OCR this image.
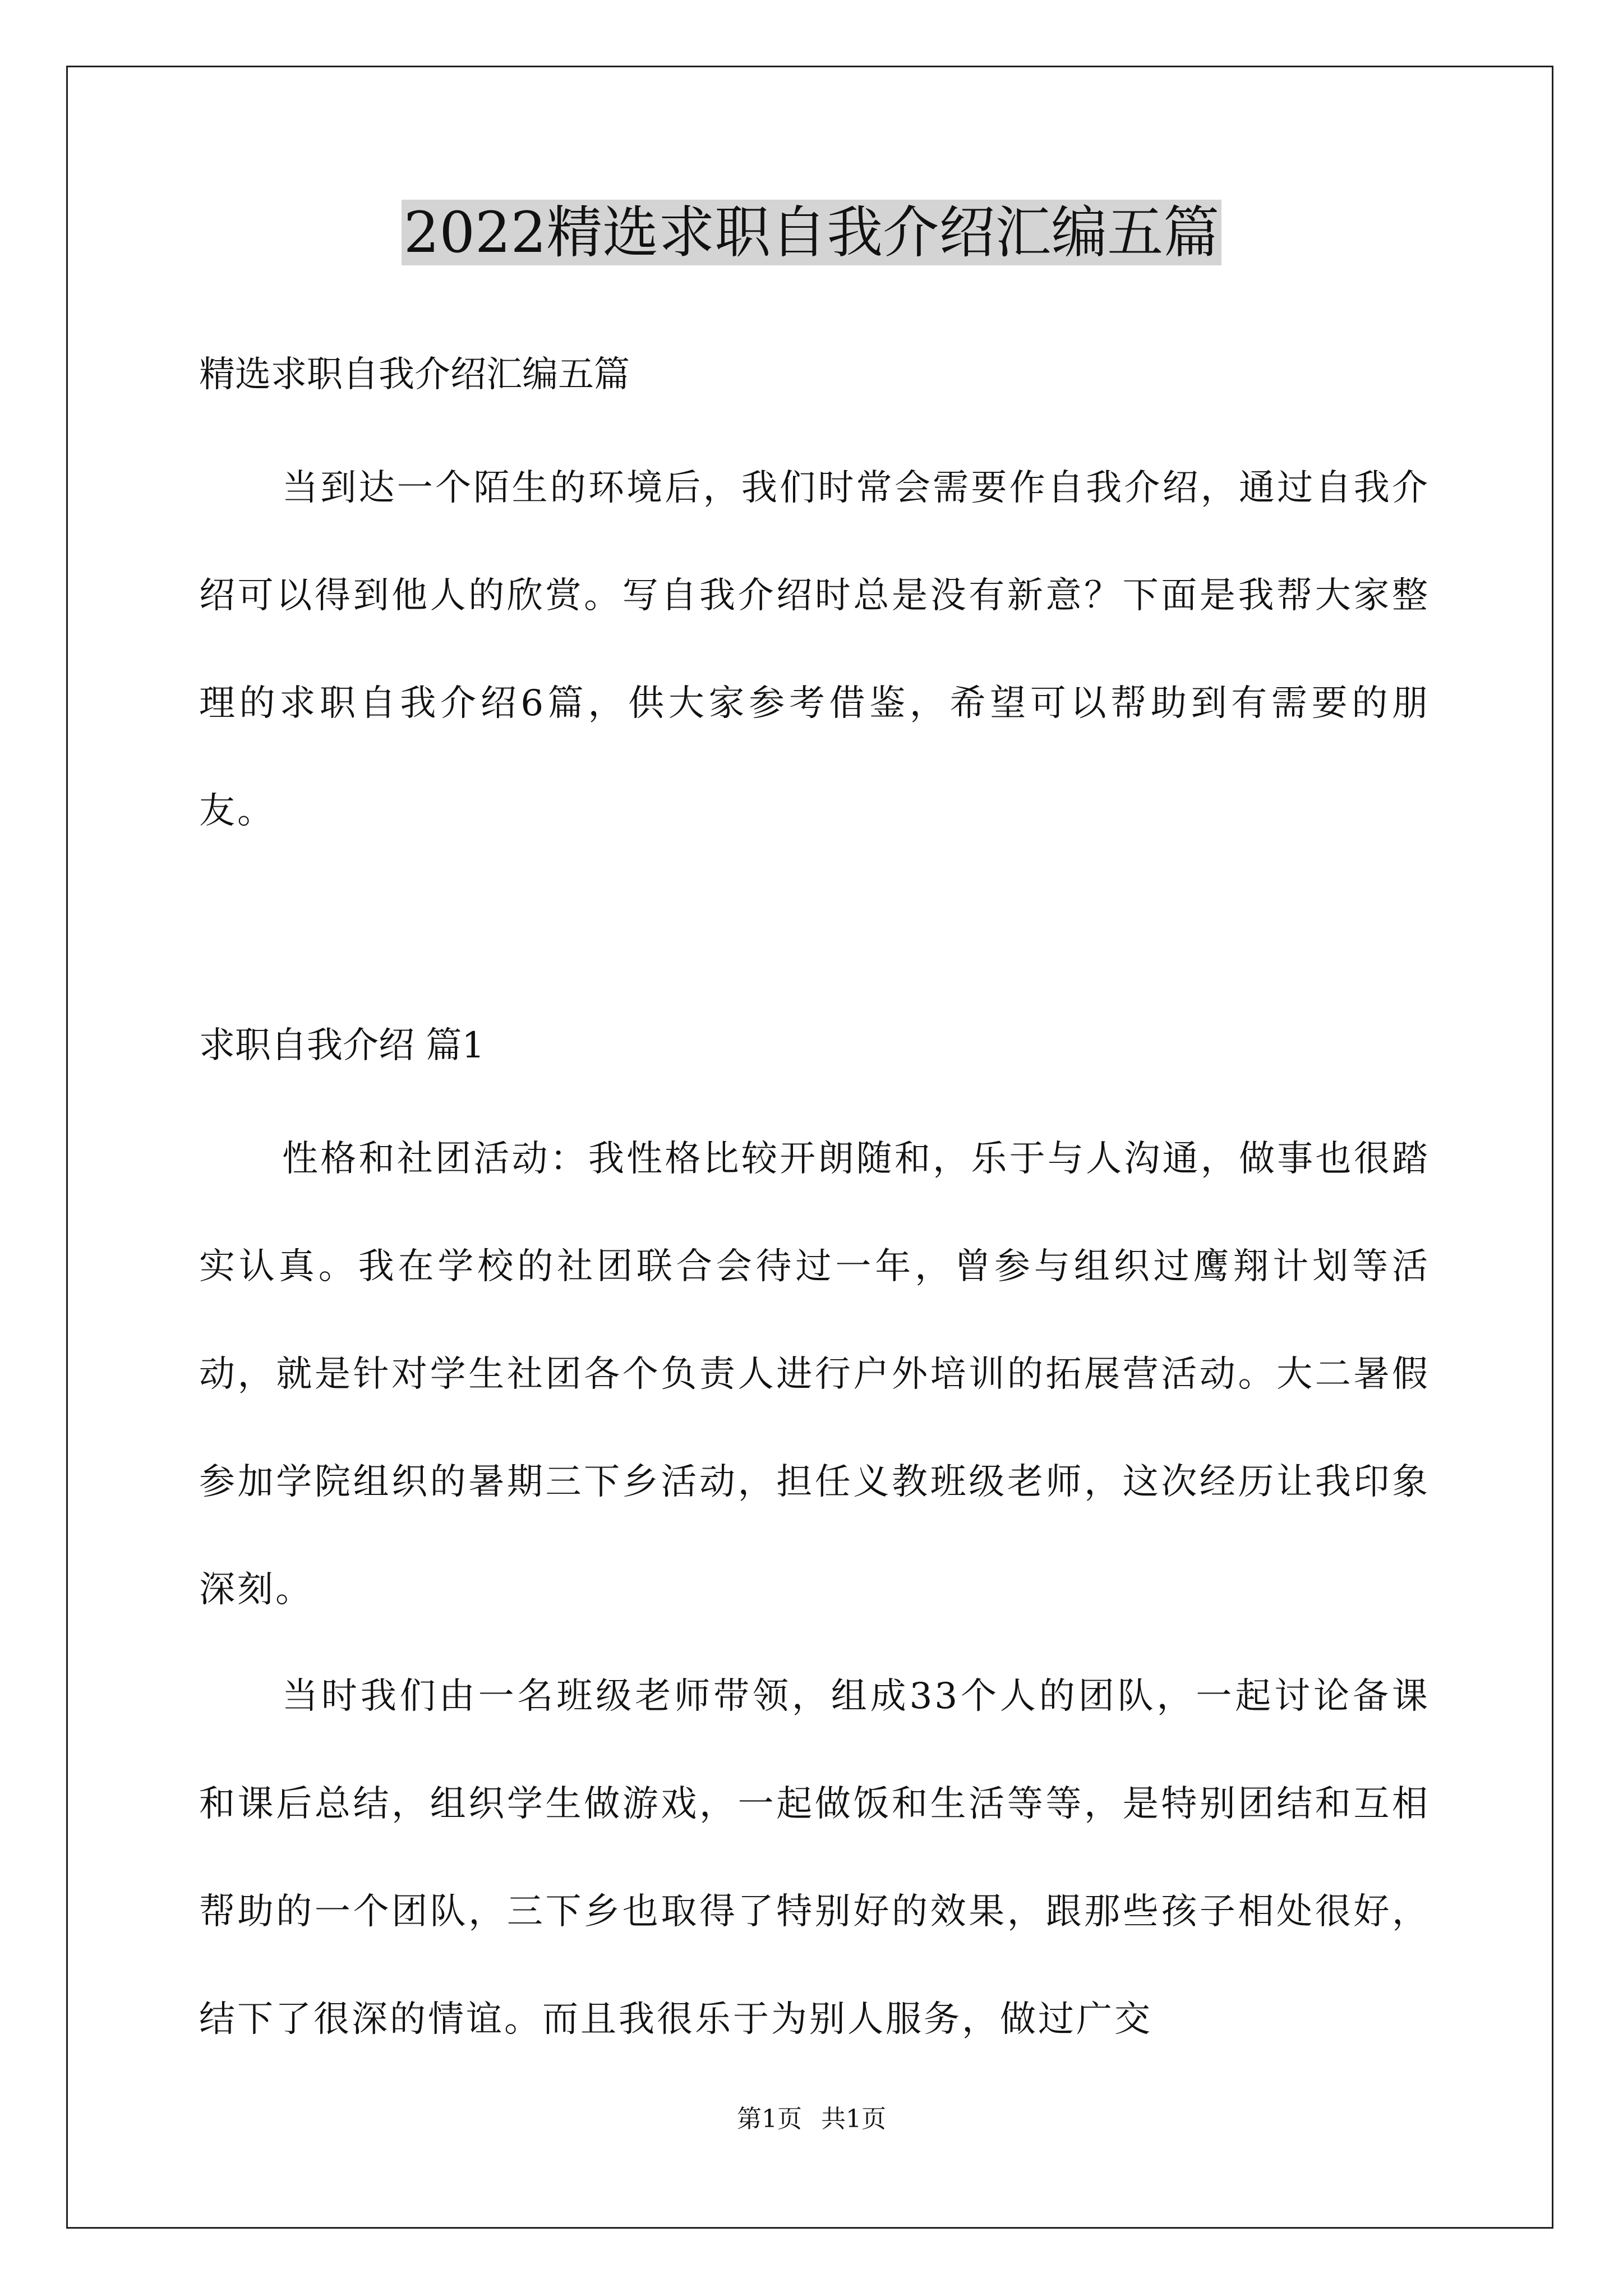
2022精选求职自我介绍汇编五篇

精选求职自我介绍汇编五篇

当到达一个陌生的环境后，我们时常会需要作自我介绍，通过自我介绍可以得到他人的欣赏。写自我介绍时总是没有新意？下面是我帮大家整理的求职自我介绍6篇，供大家参考借鉴，希望可以帮助到有需要的朋友。

求职自我介绍 篇1

性格和社团活动：我性格比较开朗随和，乐于与人沟通，做事也很踏实认真。我在学校的社团联合会待过一年，曾参与组织过鹰翔计划等活动，就是针对学生社团各个负责人进行户外培训的拓展营活动。大二暑假参加学院组织的暑期三下乡活动，担任义教班级老师，这次经历让我印象深刻。

当时我们由一名班级老师带领，组成33个人的团队，一起讨论备课和课后总结，组织学生做游戏，一起做饭和生活等等，是特别团结和互相帮助的一个团队，三下乡也取得了特别好的效果，跟那些孩子相处很好，结下了很深的情谊。而且我很乐于为别人服务，做过广交

第1页 共1页
